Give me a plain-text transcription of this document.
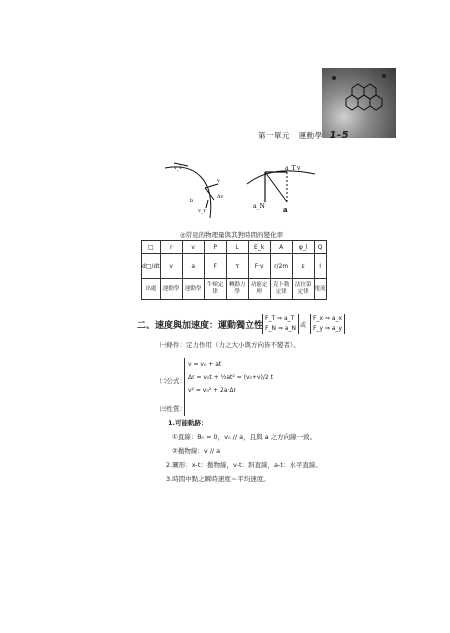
第一單元 運動學 1-5
v_t
v
Δv
b
v_r
a_T v
a_N	a
◎常見的物理量與其對時間的變化率
□	r	v	P	L	E_k	A	φ_l	Q
d□/dt	v	a	F	τ	F·v	r/2m	ε	I
出處	運動學	運動學	牛頓定律	轉動力學	功能定理	克卜勒定律	法拉第定律	電流
二、速度與加速度：運動獨立性
F_T ⇒ a_T
F_N ⇒ a_N 或
F_x ⇒ a_x
F_y ⇒ a_y
㈠條件：定力作用（力之大小與方向皆不變者）。
㈡公式：
v = v₀ + at
Δr = v₀t + ½at² = (v₀+v)/2 t
v² = v₀² + 2a·Δr
㈢性質：
1.可能軌跡：
①直線：θ₀ = 0，v₀ // a，且與 a 之方向線一致。
②拋物線：v // a
2.圖形：x-t：拋物線，v-t：斜直線，a-t：水平直線。
3.時間中點之瞬時速度＝平均速度。
